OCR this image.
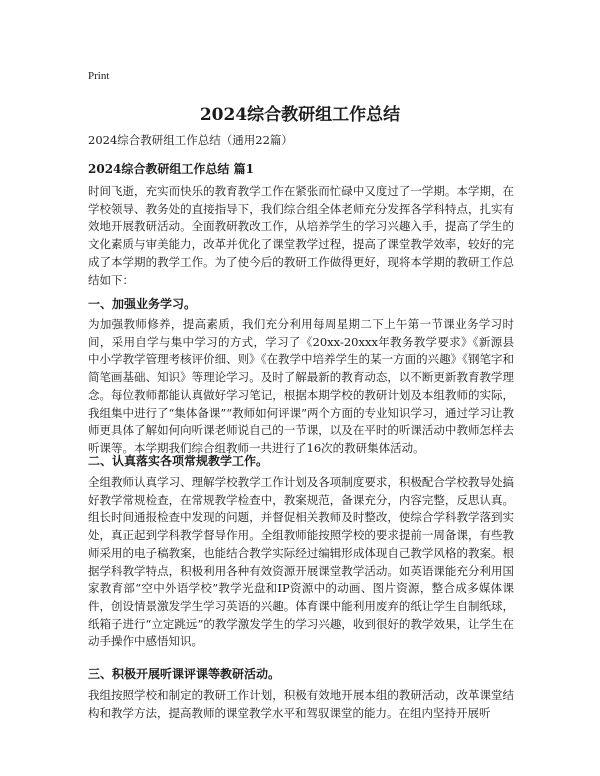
Print
2024综合教研组工作总结
2024综合教研组工作总结（通用22篇）
2024综合教研组工作总结 篇1
时间飞逝，充实而快乐的教育教学工作在紧张而忙碌中又度过了一学期。本学期，在学校领导、教务处的直接指导下，我们综合组全体老师充分发挥各学科特点，扎实有效地开展教研活动。全面教研教改工作，从培养学生的学习兴趣入手，提高了学生的文化素质与审美能力，改革并优化了课堂教学过程，提高了课堂教学效率，较好的完成了本学期的教学工作。为了使今后的教研工作做得更好，现将本学期的教研工作总结如下：
一、加强业务学习。
为加强教师修养，提高素质，我们充分利用每周星期二下上午第一节课业务学习时间，采用自学与集中学习的方式，学习了《20xx-20xxx年教务教学要求》《新源县中小学教学管理考核评价细、则》《在教学中培养学生的某一方面的兴趣》《钢笔字和简笔画基础、知识》等理论学习。及时了解最新的教育动态，以不断更新教育教学理念。每位教师都能认真做好学习笔记，根据本期学校的教研计划及本组教师的实际，我组集中进行了“集体备课”“教师如何评课”两个方面的专业知识学习，通过学习让教师更具体了解如何向听课老师说自己的一节课，以及在平时的听课活动中教师怎样去听课等。本学期我们综合组教师一共进行了16次的教研集体活动。
二、认真落实各项常规教学工作。
全组教师认真学习、理解学校教学工作计划及各项制度要求，积极配合学校教导处搞好教学常规检查，在常规教学检查中，教案规范，备课充分，内容完整，反思认真。组长时间通报检查中发现的问题，并督促相关教师及时整改，使综合学科教学落到实处，真正起到学科教学督导作用。全组教师能按照学校的要求提前一周备课，有些教师采用的电子稿教案，也能结合教学实际经过编辑形成体现自己教学风格的教案。根据学科教学特点，积极利用各种有效资源开展课堂教学活动。如英语课能充分利用国家教育部“空中外语学校”教学光盘和IP资源中的动画、图片资源，整合成多媒体课件，创设情景激发学生学习英语的兴趣。体育课中能利用废弃的纸让学生自制纸球，纸箱子进行“立定跳远”的教学激发学生的学习兴趣，收到很好的教学效果，让学生在动手操作中感悟知识。
三、积极开展听课评课等教研活动。
我组按照学校和制定的教研工作计划，积极有效地开展本组的教研活动，改革课堂结构和教学方法，提高教师的课堂教学水平和驾驭课堂的能力。在组内坚持开展听
